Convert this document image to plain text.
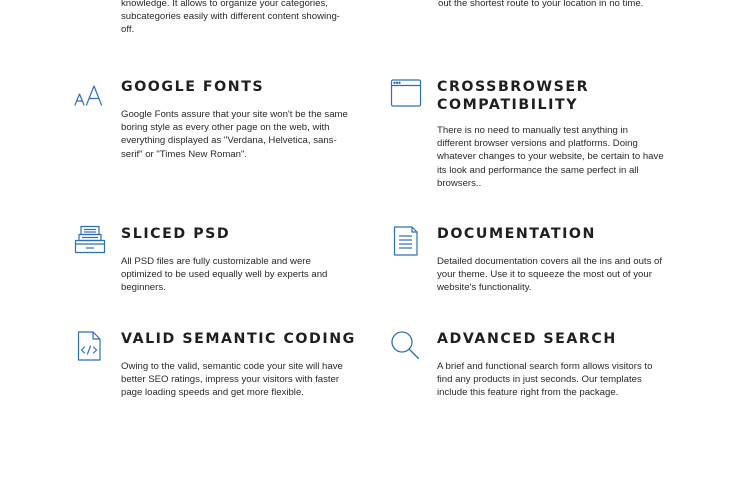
knowledge. It allows to organize your categories, subcategories easily with different content showing-off.

out the shortest route to your location in no time.

GOOGLE FONTS

Google Fonts assure that your site won't be the same boring style as every other page on the web, with everything displayed as "Verdana, Helvetica, sans-serif" or "Times New Roman".

CROSSBROWSER COMPATIBILITY

There is no need to manually test anything in different browser versions and platforms. Doing whatever changes to your website, be certain to have its look and performance the same perfect in all browsers..

SLICED PSD

All PSD files are fully customizable and were optimized to be used equally well by experts and beginners.

DOCUMENTATION

Detailed documentation covers all the ins and outs of your theme. Use it to squeeze the most out of your website's functionality.

VALID SEMANTIC CODING

Owing to the valid, semantic code your site will have better SEO ratings, impress your visitors with faster page loading speeds and get more flexible.

ADVANCED SEARCH

A brief and functional search form allows visitors to find any products in just seconds. Our templates include this feature right from the package.
